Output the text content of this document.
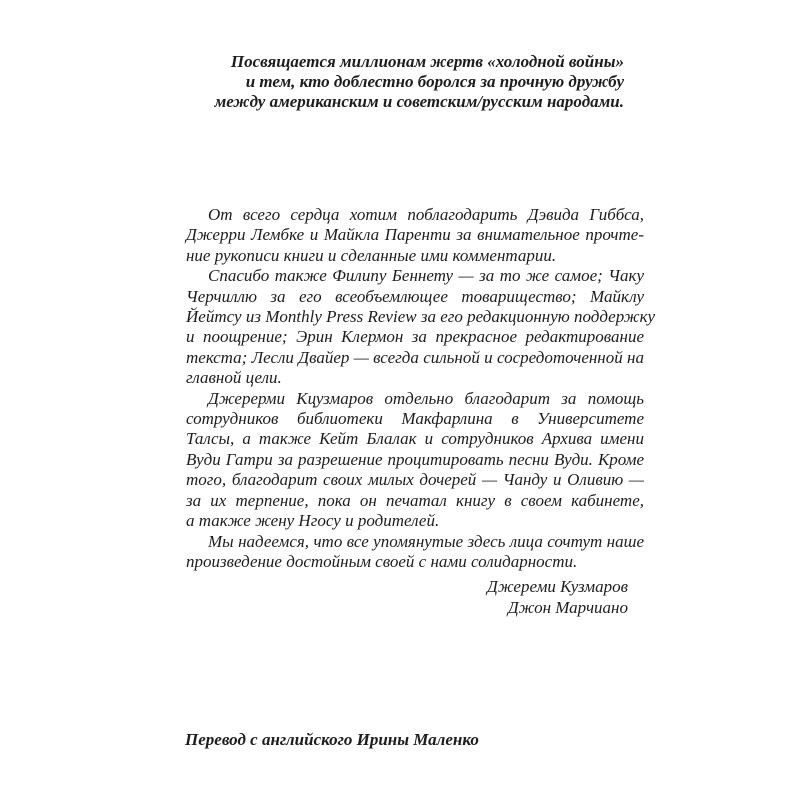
Посвящается миллионам жертв «холодной войны»
и тем, кто доблестно боролся за прочную дружбу
между американским и советским/русским народами.
От всего сердца хотим поблагодарить Дэвида Гиббса,
Джерри Лембке и Майкла Паренти за внимательное прочте-
ние рукописи книги и сделанные ими комментарии.
Спасибо также Филипу Беннету — за то же самое; Чаку
Черчиллю за его всеобъемлющее товарищество; Майклу
Йейтсу из Monthly Press Review за его редакционную поддержку
и поощрение; Эрин Клермон за прекрасное редактирование
текста; Лесли Двайер — всегда сильной и сосредоточенной на
главной цели.
Джерерми Кцузмаров отдельно благодарит за помощь
сотрудников библиотеки Макфарлина в Университете
Талсы, а также Кейт Блалак и сотрудников Архива имени
Вуди Гатри за разрешение процитировать песни Вуди. Кроме
того, благодарит своих милых дочерей — Чанду и Оливию —
за их терпение, пока он печатал книгу в своем кабинете,
а также жену Нгосу и родителей.
Мы надеемся, что все упомянутые здесь лица сочтут наше
произведение достойным своей с нами солидарности.
Джереми Кузмаров
Джон Марчиано
Перевод с английского Ирины Маленко
